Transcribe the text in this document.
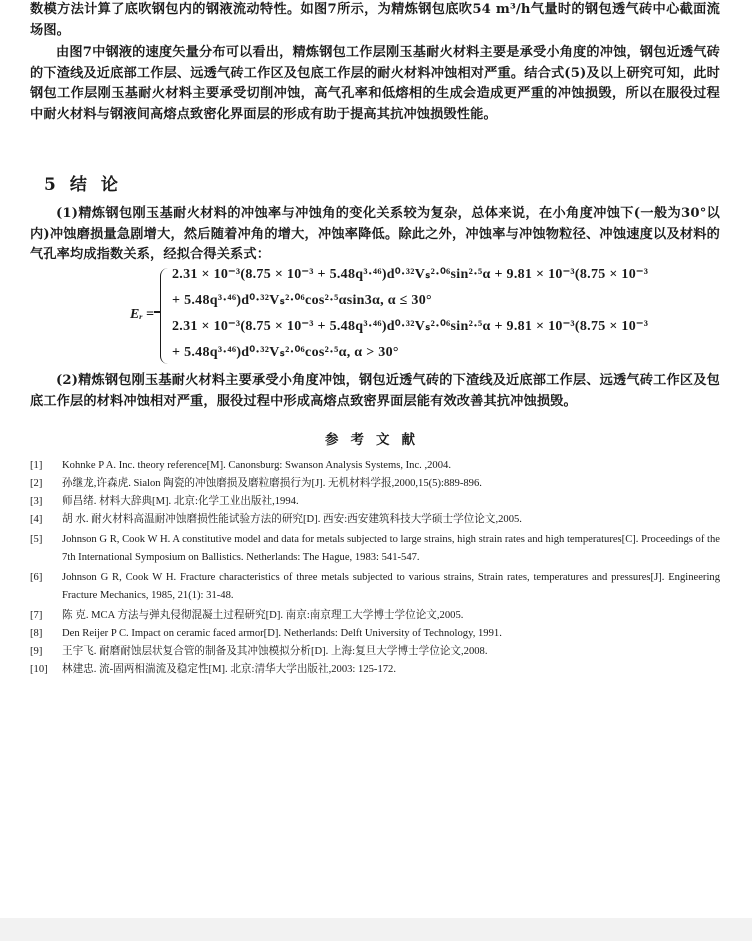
数模方法计算了底吹钢包内的钢液流动特性。如图7所示，为精炼钢包底吹54 m³/h气量时的钢包透气砖中心截面流场图。

由图7中钢液的速度矢量分布可以看出，精炼钢包工作层刚玉基耐火材料主要是承受小角度的冲蚀，钢包近透气砖的下渣线及近底部工作层、远透气砖工作区及包底工作层的耐火材料冲蚀相对严重。结合式(5)及以上研究可知，此时钢包工作层刚玉基耐火材料主要承受切削冲蚀，高气孔率和低熔相的生成会造成更严重的冲蚀损毁，所以在服役过程中耐火材料与钢液间高熔点致密化界面层的形成有助于提高其抗冲蚀损毁性能。

5 结论

(1)精炼钢包刚玉基耐火材料的冲蚀率与冲蚀角的变化关系较为复杂，总体来说，在小角度冲蚀下(一般为30°以内)冲蚀磨损量急剧增大，然后随着冲角的增大，冲蚀率降低。除此之外，冲蚀率与冲蚀物粒径、冲蚀速度以及材料的气孔率均成指数关系，经拟合得关系式：

Eᵣ =
2.31 × 10⁻³(8.75 × 10⁻³ + 5.48q³·⁴⁶)d⁰·³²Vₛ²·⁰⁶sin²·⁵α + 9.81 × 10⁻³(8.75 × 10⁻³
+ 5.48q³·⁴⁶)d⁰·³²Vₛ²·⁰⁶cos²·⁵αsin3α, α ≤ 30°
2.31 × 10⁻³(8.75 × 10⁻³ + 5.48q³·⁴⁶)d⁰·³²Vₛ²·⁰⁶sin²·⁵α + 9.81 × 10⁻³(8.75 × 10⁻³
+ 5.48q³·⁴⁶)d⁰·³²Vₛ²·⁰⁶cos²·⁵α, α > 30°

(2)精炼钢包刚玉基耐火材料主要承受小角度冲蚀，钢包近透气砖的下渣线及近底部工作层、远透气砖工作区及包底工作层的材料冲蚀相对严重，服役过程中形成高熔点致密界面层能有效改善其抗冲蚀损毁。

参考文献
[1] Kohnke P A. Inc. theory reference[M]. Canonsburg: Swanson Analysis Systems, Inc. ,2004.
[2] 孙继龙,许森虎. Sialon 陶瓷的冲蚀磨损及磨粒磨损行为[J]. 无机材料学报,2000,15(5):889-896.
[3] 师昌绪. 材料大辞典[M]. 北京:化学工业出版社,1994.
[4] 胡 水. 耐火材料高温耐冲蚀磨损性能试验方法的研究[D]. 西安:西安建筑科技大学硕士学位论文,2005.
[5] Johnson G R, Cook W H. A constitutive model and data for metals subjected to large strains, high strain rates and high temperatures[C]. Proceedings of the 7th International Symposium on Ballistics. Netherlands: The Hague, 1983: 541-547.
[6] Johnson G R, Cook W H. Fracture characteristics of three metals subjected to various strains, Strain rates, temperatures and pressures[J]. Engineering Fracture Mechanics, 1985, 21(1): 31-48.
[7] 陈 克. MCA 方法与弹丸侵彻混凝土过程研究[D]. 南京:南京理工大学博士学位论文,2005.
[8] Den Reijer P C. Impact on ceramic faced armor[D]. Netherlands: Delft University of Technology, 1991.
[9] 王宇飞. 耐磨耐蚀层状复合管的制备及其冲蚀模拟分析[D]. 上海:复旦大学博士学位论文,2008.
[10] 林建忠. 流-固两相湍流及稳定性[M]. 北京:清华大学出版社,2003: 125-172.
